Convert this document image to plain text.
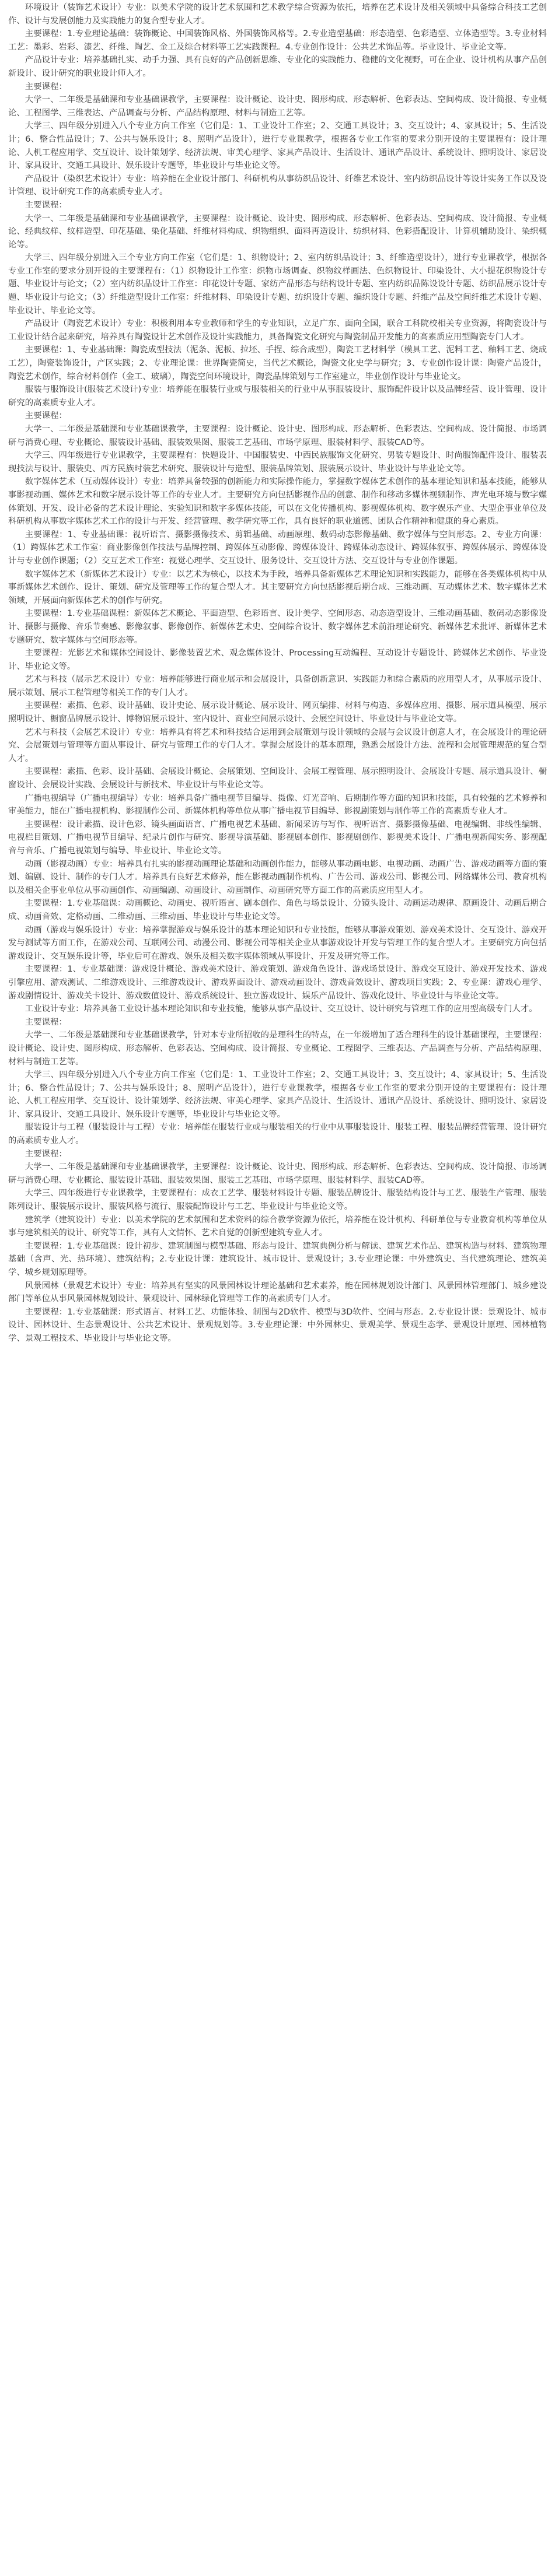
环境设计（装饰艺术设计）专业：以美术学院的设计艺术氛围和艺术教学综合资源为依托，培养在艺术设计及相关领域中具备综合科技工艺创作、设计与发展创能力及实践能力的复合型专业人才。

主要课程：1.专业理论基础：装饰概论、中国装饰风格、外国装饰风格等。2.专业造型基础：形态造型、色彩造型、立体造型等。3.专业材料工艺：墨彩、岩彩、漆艺、纤维、陶艺、金工及综合材料等工艺实践课程。4.专业创作设计：公共艺术饰品等。毕业设计、毕业论文等。

产品设计专业：培养基础扎实、动手力强、具有良好的产品创新思维、专业化的实践能力、稳健的文化视野，可在企业、设计机构从事产品创新设计、设计研究的职业设计师人才。

主要课程：

大学一、二年级是基础课和专业基础课教学，主要课程：设计概论、设计史、图形构成、形态解析、色彩表达、空间构成、设计简报、专业概论、工程图学、三维表达、产品调查与分析、产品结构原理、材料与制造工艺等。

大学三、四年级分别进入八个专业方向工作室（它们是：1、工业设计工作室；2、交通工具设计；3、交互设计；4、家具设计；5、生活设计；6、整合性品设计；7、公共与娱乐设计；8、照明产品设计），进行专业课教学，根据各专业工作室的要求分别开设的主要课程有：设计理论、人机工程应用学、交互设计、设计策划学、经济法规、审美心理学、家具产品设计、生活设计、通讯产品设计、系统设计、照明设计、家居设计、家具设计、交通工具设计、娱乐设计专题等，毕业设计与毕业论文等。

产品设计（染织艺术设计）专业：培养能在企业设计部门、科研机构从事纺织品设计、纤维艺术设计、室内纺织品设计等设计实务工作以及设计管理、设计研究工作的高素质专业人才。

主要课程：

大学一、二年级是基础课和专业基础课教学，主要课程：设计概论、设计史、图形构成、形态解析、色彩表达、空间构成、设计简报、专业概论、经典纹样、纹样造型、印花基础、染化基础、纤维材料构成、织物组织、面料再造设计、纺织材料、色彩搭配设计、计算机辅助设计、染织概论等。

大学三、四年级分别进入三个专业方向工作室（它们是：1、织物设计；2、室内纺织品设计；3、纤维造型设计），进行专业课教学，根据各专业工作室的要求分别开设的主要课程有：（1）织物设计工作室：织物市场调查、织物纹样画法、色织物设计、印染设计、大小提花织物设计专题、毕业设计与论文；（2）室内纺织品设计工作室：印花设计专题、家纺产品形态与结构设计专题、室内纺织品陈设设计专题、纺织品展示设计专题、毕业设计与论文；（3）纤维造型设计工作室：纤维材料、印染设计专题、纺织设计专题、编织设计专题、纤维产品及空间纤维艺术设计专题、毕业设计、毕业论文等。

产品设计（陶瓷艺术设计）专业：积极利用本专业教师和学生的专业知识，立足广东、面向全国，联合工科院校相关专业资源，将陶瓷设计与工业设计结合起来研究，培养具有陶瓷设计艺术创作及设计实践能力，具备陶瓷文化研究与陶瓷制品开发能力的高素质应用型陶瓷专门人才。

主要课程：1、专业基础课：陶瓷成型技法（泥条、泥板、拉坯、手捏、综合成型），陶瓷工艺材料学（模具工艺、泥料工艺、釉料工艺、烧成工艺），陶瓷装饰设计，产区实践；2、专业理论课：世界陶瓷简史，当代艺术概论，陶瓷文化史学与研究；3、专业创作设计课：陶瓷产品设计，陶瓷艺术创作，综合材料创作（金工、玻璃），陶瓷空间环境设计，陶瓷品牌策划与工作室建立，毕业创作设计与毕业论文。

服装与服饰设计(服装艺术设计)专业：培养能在服装行业或与服装相关的行业中从事服装设计、服饰配件设计以及品牌经营、设计管理、设计研究的高素质专业人才。

主要课程：

大学一、二年级是基础课和专业基础课教学，主要课程：设计概论、设计史、图形构成、形态解析、色彩表达、空间构成、设计简报、市场调研与消费心理、专业概论、服装设计基础、服装效果图、服装工艺基础、市场学原理、服装材料学、服装CAD等。

大学三、四年级进行专业课教学，主要课程有：快题设计、中国服装史、中西民族服饰文化研究、男装专题设计、时尚服饰配件设计、服装表现技法与设计、服装史、西方民族时装艺术研究、服装设计与造型、服装品牌策划、服装展示设计、毕业设计与毕业论文等。

数字媒体艺术（互动媒体设计）专业：培养具备较强的创新能力和实际操作能力，掌握数字媒体艺术创作的基本理论知识和基本技能，能够从事影视动画、媒体艺术和数字展示设计等工作的专业人才。主要研究方向包括影视作品的创意、制作和移动多媒体视频制作、声光电环境与数字媒体策划、开发、设计必备的艺术设计理论、实验知识和数字多媒体技能，可以在文化传播机构、影视媒体机构、数字娱乐产业、大型企事业单位及科研机构从事数字媒体艺术工作的设计与开发、经营管理、教学研究等工作，具有良好的职业道德、团队合作精神和健康的身心素质。

主要课程：1、专业基础课：视听语言、摄影摄像技术、剪辑基础、动画原理、数码动态影像基础、数字媒体与空间形态。2、专业方向课：（1）跨媒体艺术工作室：商业影像创作技法与品牌控制、跨媒体互动影像、跨媒体设计、跨媒体动态设计、跨媒体叙事、跨媒体展示、跨媒体设计与专业创作课题；（2）交互艺术工作室：视觉心理学、交互设计、服务设计、交互设计方法、交互设计与专业创作课题。

数字媒体艺术（新媒体艺术设计）专业：以艺术为核心，以技术为手段，培养具备新媒体艺术理论知识和实践能力，能够在各类媒体机构中从事新媒体艺术创作、设计、策划、研究及管理等工作的复合型人才。其主要研究方向包括影视后期合成、三维动画、互动媒体艺术、数字媒体艺术领域，开展面向新媒体艺术的创作与研究。

主要课程：1.专业基础课程：新媒体艺术概论、平面造型、色彩语言、设计美学、空间形态、动态造型设计、三维动画基础、数码动态影像设计、摄影与摄像、音乐节奏感、影像叙事、影像创作、新媒体艺术史、空间综合设计、数字媒体艺术前沿理论研究、新媒体艺术批评、新媒体艺术专题研究、数字媒体与空间形态等。

主要课程：光影艺术和媒体空间设计、影像装置艺术、观念媒体设计、Processing互动编程、互动设计专题设计、跨媒体艺术创作、毕业设计、毕业论文等。

艺术与科技（展示艺术设计）专业：培养能够进行商业展示和会展设计，具备创新意识、实践能力和综合素质的应用型人才，从事展示设计、展示策划、展示工程管理等相关工作的专门人才。

主要课程：素描、色彩、设计基础、设计史论、展示设计概论、展示设计、网页编排、材料与构造、多媒体应用、摄影、展示道具模型、展示照明设计、橱窗品牌展示设计、博物馆展示设计、室内设计、商业空间展示设计、会展空间设计、毕业设计与毕业论文等。

艺术与科技（会展艺术设计）专业：培养具有将艺术和科技结合运用到会展策划与设计领域的会展与会议设计创意人才，在会展设计的理论研究、会展策划与管理等方面从事设计、研究与管理工作的专门人才。掌握会展设计的基本原理，熟悉会展设计方法、流程和会展管理规范的复合型人才。

主要课程：素描、色彩、设计基础、会展设计概论、会展策划、空间设计、会展工程管理、展示照明设计、会展设计专题、展示道具设计、橱窗设计、会展设计实践、会展设计与新技术、毕业设计与毕业论文等。

广播电视编导（广播电视编导）专业：培养具备广播电视节目编导、摄像、灯光音响、后期制作等方面的知识和技能，具有较强的艺术修养和审美能力，能在广播电视机构、影视制作公司、新媒体机构等单位从事广播电视节目编导、影视剧策划与制作等工作的高素质专业人才。

主要课程：设计素描、设计色彩、镜头画面语言、广播电视艺术基础、新闻采访与写作、视听语言、摄影摄像基础、电视编辑、非线性编辑、电视栏目策划、广播电视节目编导、纪录片创作与研究、影视导演基础、影视剧本创作、影视剧创作、影视美术设计、广播电视新闻实务、影视配音与音乐、广播电视策划与编导、毕业设计、毕业论文等。

动画（影视动画）专业：培养具有扎实的影视动画理论基础和动画创作能力，能够从事动画电影、电视动画、动画广告、游戏动画等方面的策划、编剧、设计、制作的专门人才。培养具有良好艺术修养，能在影视动画制作机构、广告公司、游戏公司、影视公司、网络媒体公司、教育机构以及相关企事业单位从事动画创作、动画编剧、动画设计、动画制作、动画研究等方面工作的高素质应用型人才。

主要课程：1.专业基础课：动画概论、动画史、视听语言、剧本创作、角色与场景设计、分镜头设计、动画运动规律、原画设计、动画后期合成、动画音效、定格动画、二维动画、三维动画、毕业设计与毕业论文等。

动画（游戏与娱乐设计）专业：培养掌握游戏与娱乐设计的基本理论知识和专业技能，能够从事游戏策划、游戏美术设计、交互设计、游戏开发与测试等方面工作，在游戏公司、互联网公司、动漫公司、影视公司等相关企业从事游戏设计开发与管理工作的复合型人才。主要研究方向包括游戏设计、交互娱乐设计等，毕业后可在游戏、娱乐及相关数字媒体领域从事设计、开发及研究等工作。

主要课程：1、专业基础课：游戏设计概论、游戏美术设计、游戏策划、游戏角色设计、游戏场景设计、游戏交互设计、游戏开发技术、游戏引擎应用、游戏测试、二维游戏设计、三维游戏设计、游戏界面设计、游戏动画设计、游戏音效设计、游戏项目实践；2、专业课：游戏心理学、游戏剧情设计、游戏关卡设计、游戏数值设计、游戏系统设计、独立游戏设计、娱乐产品设计、游戏化设计、毕业设计与毕业论文等。

工业设计专业：培养具备工业设计基本理论知识和专业技能，能够从事产品设计、交互设计、设计研究与管理工作的应用型高级专门人才。

主要课程：

大学一、二年级是基础课和专业基础课教学，针对本专业所招收的是理科生的特点，在一年级增加了适合理科生的设计基础课程，主要课程：设计概论、设计史、图形构成、形态解析、色彩表达、空间构成、设计简报、专业概论、工程图学、三维表达、产品调查与分析、产品结构原理、材料与制造工艺等。

大学三、四年级分别进入八个专业方向工作室（它们是：1、工业设计工作室；2、交通工具设计；3、交互设计；4、家具设计；5、生活设计；6、整合性品设计；7、公共与娱乐设计；8、照明产品设计），进行专业课教学，根据各专业工作室的要求分别开设的主要课程有：设计理论、人机工程应用学、交互设计、设计策划学、经济法规、审美心理学、家具产品设计、生活设计、通讯产品设计、系统设计、照明设计、家居设计、家具设计、交通工具设计、娱乐设计专题等，毕业设计与毕业论文等。

服装设计与工程（服装设计与工程）专业：培养能在服装行业或与服装相关的行业中从事服装设计、服装工程、服装品牌经营管理、设计研究的高素质专业人才。

主要课程：

大学一、二年级是基础课和专业基础课教学，主要课程：设计概论、设计史、图形构成、形态解析、色彩表达、空间构成、设计简报、市场调研与消费心理、专业概论、服装设计基础、服装效果图、服装工艺基础、市场学原理、服装材料学、服装CAD等。

大学三、四年级进行专业课教学，主要课程有：成衣工艺学、服装材料设计专题、服装品牌设计、服装结构设计与工艺、服装生产管理、服装陈列设计、服装展示设计、服装风格与流行、服装配饰设计与工艺、毕业设计与毕业论文等。

建筑学（建筑设计）专业：以美术学院的艺术氛围和艺术资料的综合教学资源为依托，培养能在设计机构、科研单位与专业教育机构等单位从事与建筑相关的设计、研究等工作，具有人文情怀、艺术自觉的创新型建筑专业人才。

主要课程：1.专业基础课：设计初步、建筑制图与模型基础、形态与设计、建筑典例分析与解读、建筑艺术作品、建筑构造与材料、建筑物理基础（含声、光、热环境）、建筑结构；2.专业设计课：建筑设计、城市设计、景观设计；3.专业理论课：中外建筑史、当代建筑理论、建筑美学、城乡规划原理等。

风景园林（景观艺术设计）专业：培养具有坚实的风景园林设计理论基础和艺术素养，能在园林规划设计部门、风景园林管理部门、城乡建设部门等单位从事风景园林规划设计、景观设计、园林绿化管理等工作的高素质专门人才。

主要课程：1.专业基础课：形式语言、材料工艺、功能体验、制图与2D软件、模型与3D软件、空间与形态。2.专业设计课：景观设计、城市设计、园林设计、生态景观设计、公共艺术设计、景观规划等。3.专业理论课：中外园林史、景观美学、景观生态学、景观设计原理、园林植物学、景观工程技术、毕业设计与毕业论文等。
